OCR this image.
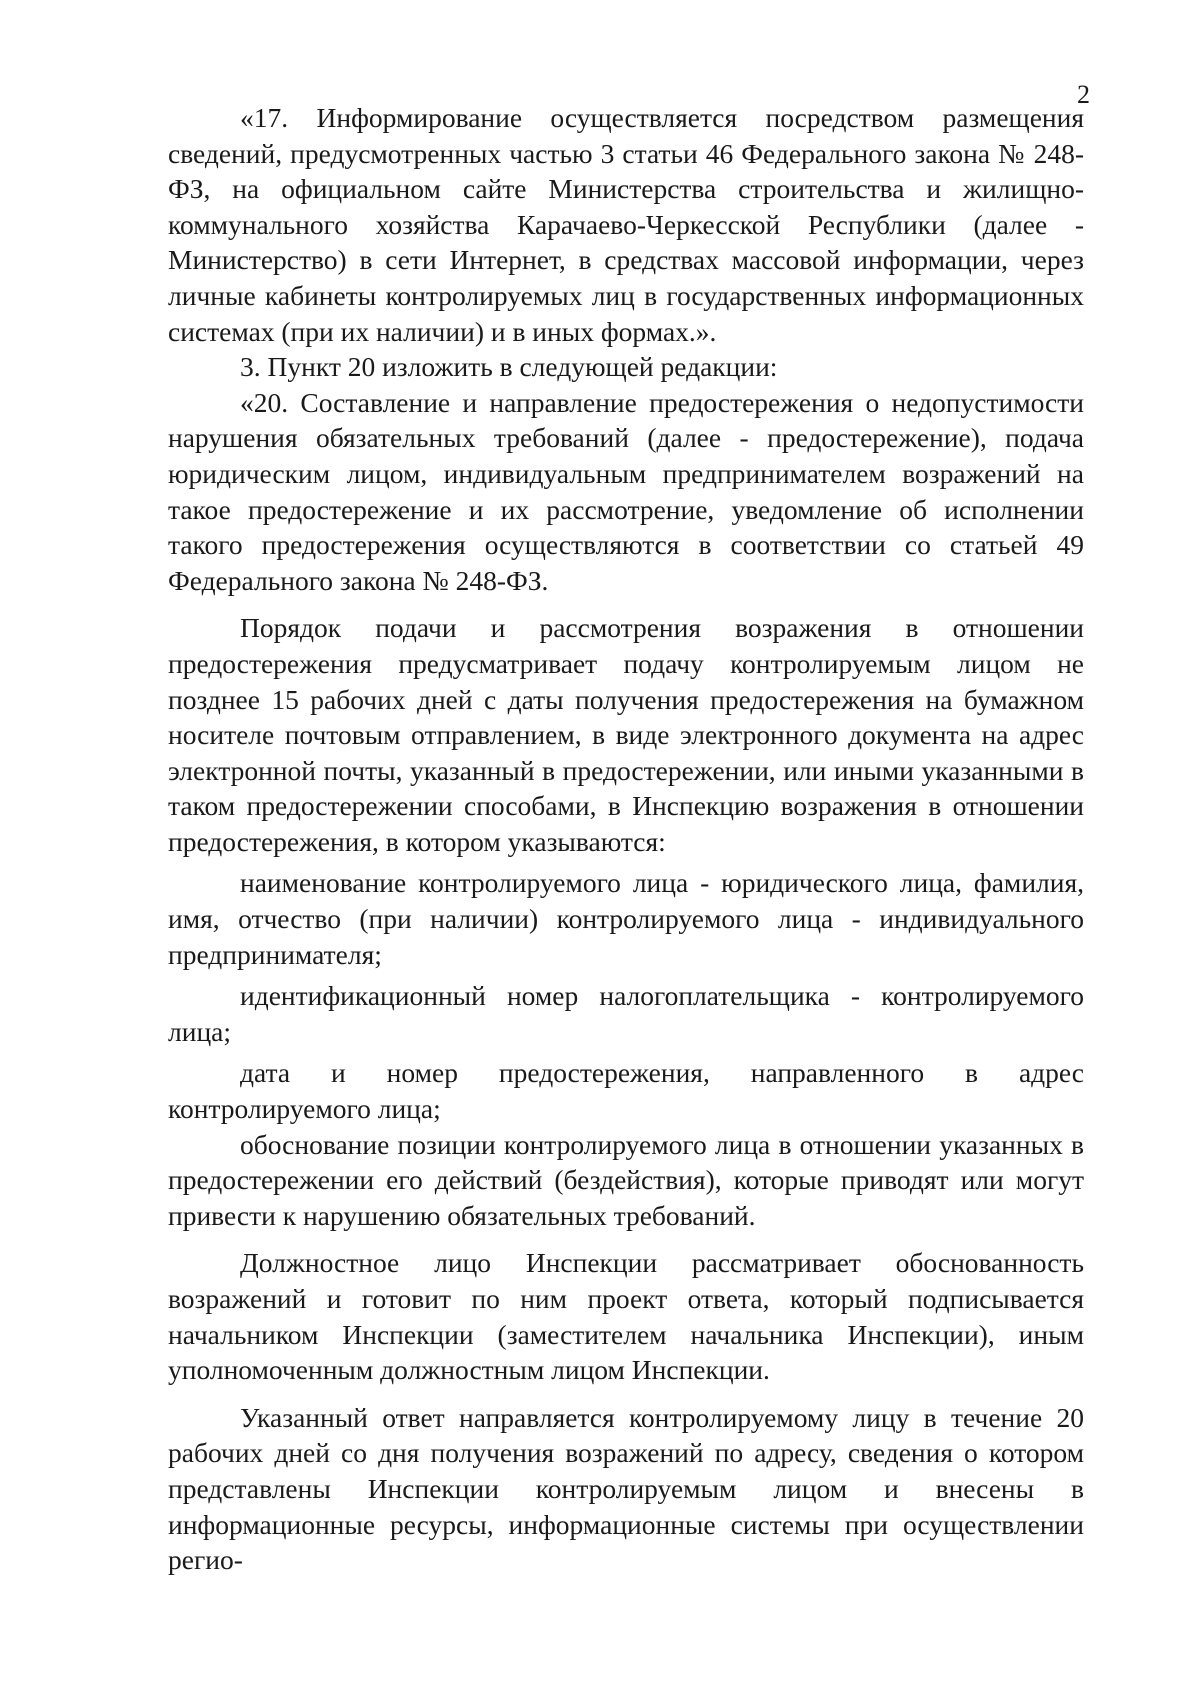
2

«17. Информирование осуществляется посредством размещения сведений, предусмотренных частью 3 статьи 46 Федерального закона № 248-ФЗ, на официальном сайте Министерства строительства и жилищно-коммунального хозяйства Карачаево-Черкесской Республики (далее - Министерство) в сети Интернет, в средствах массовой информации, через личные кабинеты контролируемых лиц в государственных информационных системах (при их наличии) и в иных формах.».

3. Пункт 20 изложить в следующей редакции:

«20. Составление и направление предостережения о недопустимости нарушения обязательных требований (далее - предостережение), подача юридическим лицом, индивидуальным предпринимателем возражений на такое предостережение и их рассмотрение, уведомление об исполнении такого предостережения осуществляются в соответствии со статьей 49 Федерального закона № 248-ФЗ.

Порядок подачи и рассмотрения возражения в отношении предостережения предусматривает подачу контролируемым лицом не позднее 15 рабочих дней с даты получения предостережения на бумажном носителе почтовым отправлением, в виде электронного документа на адрес электронной почты, указанный в предостережении, или иными указанными в таком предостережении способами, в Инспекцию возражения в отношении предостережения, в котором указываются:

наименование контролируемого лица - юридического лица, фамилия, имя, отчество (при наличии) контролируемого лица - индивидуального предпринимателя;

идентификационный номер налогоплательщика - контролируемого лица;

дата и номер предостережения, направленного в адрес контролируемого лица;

обоснование позиции контролируемого лица в отношении указанных в предостережении его действий (бездействия), которые приводят или могут привести к нарушению обязательных требований.

Должностное лицо Инспекции рассматривает обоснованность возражений и готовит по ним проект ответа, который подписывается начальником Инспекции (заместителем начальника Инспекции), иным уполномоченным должностным лицом Инспекции.

Указанный ответ направляется контролируемому лицу в течение 20 рабочих дней со дня получения возражений по адресу, сведения о котором представлены Инспекции контролируемым лицом и внесены в информационные ресурсы, информационные системы при осуществлении регио-
